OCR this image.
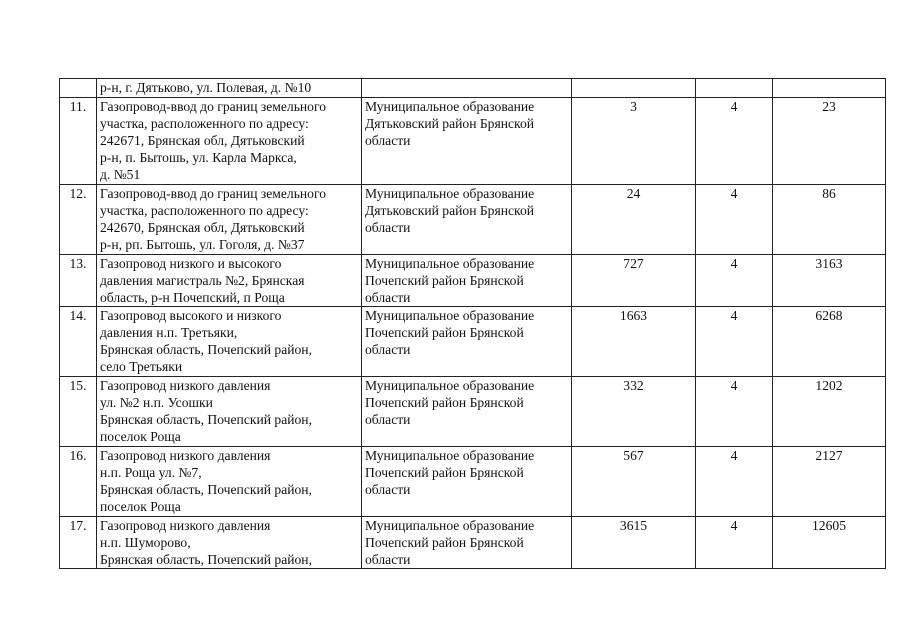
	р-н, г. Дятьково, ул. Полевая, д. №10				
11.	Газопровод-ввод до границ земельного
участка, расположенного по адресу:
242671, Брянская обл, Дятьковский
р-н, п. Бытошь, ул. Карла Маркса,
д. №51	Муниципальное образование
Дятьковский район Брянской
области	3	4	23
12.	Газопровод-ввод до границ земельного
участка, расположенного по адресу:
242670, Брянская обл, Дятьковский
р-н, рп. Бытошь, ул. Гоголя, д. №37	Муниципальное образование
Дятьковский район Брянской
области	24	4	86
13.	Газопровод низкого и высокого
давления магистраль №2, Брянская
область, р-н Почепский, п Роща	Муниципальное образование
Почепский район Брянской
области	727	4	3163
14.	Газопровод высокого и низкого
давления н.п. Третьяки,
Брянская область, Почепский район,
село Третьяки	Муниципальное образование
Почепский район Брянской
области	1663	4	6268
15.	Газопровод низкого давления
ул. №2 н.п. Усошки
Брянская область, Почепский район,
поселок Роща	Муниципальное образование
Почепский район Брянской
области	332	4	1202
16.	Газопровод низкого давления
н.п. Роща ул. №7,
Брянская область, Почепский район,
поселок Роща	Муниципальное образование
Почепский район Брянской
области	567	4	2127
17.	Газопровод низкого давления
н.п. Шуморово,
Брянская область, Почепский район,	Муниципальное образование
Почепский район Брянской
области	3615	4	12605
